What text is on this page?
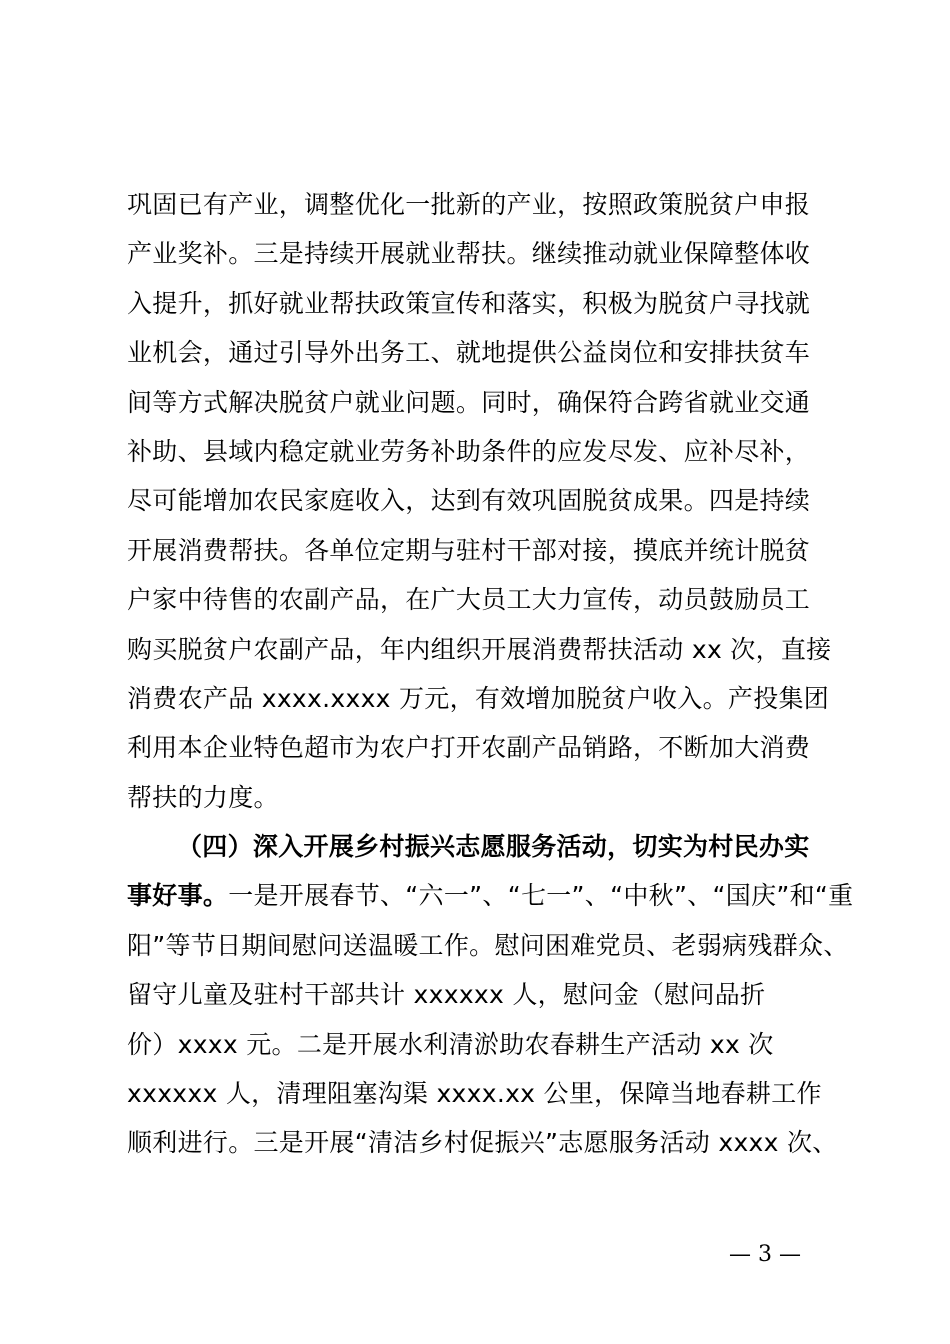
巩固已有产业，调整优化一批新的产业，按照政策脱贫户申报
产业奖补。三是持续开展就业帮扶。继续推动就业保障整体收
入提升，抓好就业帮扶政策宣传和落实，积极为脱贫户寻找就
业机会，通过引导外出务工、就地提供公益岗位和安排扶贫车
间等方式解决脱贫户就业问题。同时，确保符合跨省就业交通
补助、县域内稳定就业劳务补助条件的应发尽发、应补尽补，
尽可能增加农民家庭收入，达到有效巩固脱贫成果。四是持续
开展消费帮扶。各单位定期与驻村干部对接，摸底并统计脱贫
户家中待售的农副产品，在广大员工大力宣传，动员鼓励员工
购买脱贫户农副产品，年内组织开展消费帮扶活动 xx 次，直接
消费农产品 xxxx.xxxx 万元，有效增加脱贫户收入。产投集团
利用本企业特色超市为农户打开农副产品销路，不断加大消费
帮扶的力度。
（四）深入开展乡村振兴志愿服务活动，切实为村民办实
事好事。一是开展春节、“六一”、“七一”、“中秋”、“国庆”和“重
阳”等节日期间慰问送温暖工作。慰问困难党员、老弱病残群众、
留守儿童及驻村干部共计 xxxxxx 人，慰问金（慰问品折
价）xxxx 元。二是开展水利清淤助农春耕生产活动 xx 次
xxxxxx 人，清理阻塞沟渠 xxxx.xx 公里，保障当地春耕工作
顺利进行。三是开展“清洁乡村促振兴”志愿服务活动 xxxx 次、
— 3 —
